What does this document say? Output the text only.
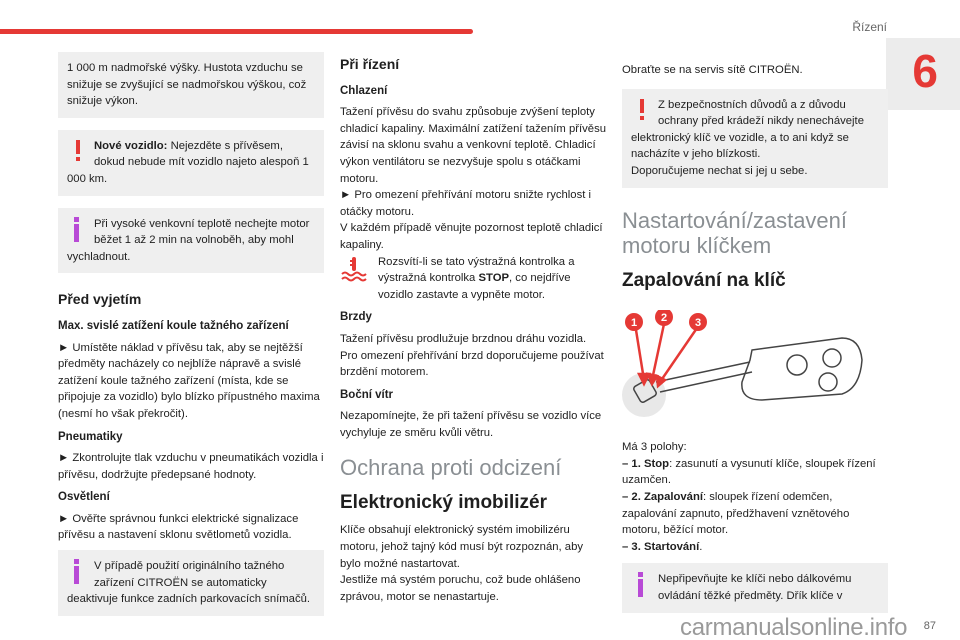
Řízení
6

1 000 m nadmořské výšky. Hustota vzduchu se snižuje se zvyšující se nadmořskou výškou, což snižuje výkon.

Nové vozidlo: Nejezděte s přívěsem, dokud nebude mít vozidlo najeto alespoň 1 000 km.

Při vysoké venkovní teplotě nechejte motor běžet 1 až 2 min na volnoběh, aby mohl vychladnout.

Před vyjetím
Max. svislé zatížení koule tažného zařízení

► Umístěte náklad v přívěsu tak, aby se nejtěžší předměty nacházely co nejblíže nápravě a svislé zatížení koule tažného zařízení (místa, kde se připojuje za vozidlo) bylo blízko přípustného maxima (nesmí ho však překročit).

Pneumatiky

► Zkontrolujte tlak vzduchu v pneumatikách vozidla i přívěsu, dodržujte předepsané hodnoty.

Osvětlení

► Ověřte správnou funkci elektrické signalizace přívěsu a nastavení sklonu světlometů vozidla.

V případě použití originálního tažného zařízení CITROËN se automaticky deaktivuje funkce zadních parkovacích snímačů.

Při řízení
Chlazení

Tažení přívěsu do svahu způsobuje zvýšení teploty chladicí kapaliny. Maximální zatížení tažením přívěsu závisí na sklonu svahu a venkovní teplotě. Chladicí výkon ventilátoru se nezvyšuje spolu s otáčkami motoru.

► Pro omezení přehřívání motoru snižte rychlost i otáčky motoru.

V každém případě věnujte pozornost teplotě chladicí kapaliny.

Rozsvítí-li se tato výstražná kontrolka a výstražná kontrolka STOP, co nejdříve vozidlo zastavte a vypněte motor.

Brzdy

Tažení přívěsu prodlužuje brzdnou dráhu vozidla. Pro omezení přehřívání brzd doporučujeme používat brzdění motorem.

Boční vítr

Nezapomínejte, že při tažení přívěsu se vozidlo více vychyluje ze směru kvůli větru.

Ochrana proti odcizení
Elektronický imobilizér

Klíče obsahují elektronický systém imobilizéru motoru, jehož tajný kód musí být rozpoznán, aby bylo možné nastartovat.

Jestliže má systém poruchu, což bude ohlášeno zprávou, motor se nenastartuje.

Obraťte se na servis sítě CITROËN.

Z bezpečnostních důvodů a z důvodu ochrany před krádeží nikdy nenechávejte elektronický klíč ve vozidle, a to ani když se nacházíte v jeho blízkosti.

Doporučujeme nechat si jej u sebe.

Nastartování/zastavení motoru klíčkem
Zapalování na klíč
1 2	3

Má 3 polohy:

– 1. Stop: zasunutí a vysunutí klíče, sloupek řízení uzamčen.

– 2. Zapalování: sloupek řízení odemčen, zapalování zapnuto, předžhavení vznětového motoru, běžící motor.

– 3. Startování.

Nepřipevňujte ke klíči nebo dálkovému ovládání těžké předměty. Dřík klíče v

carmanualsonline.info 87
